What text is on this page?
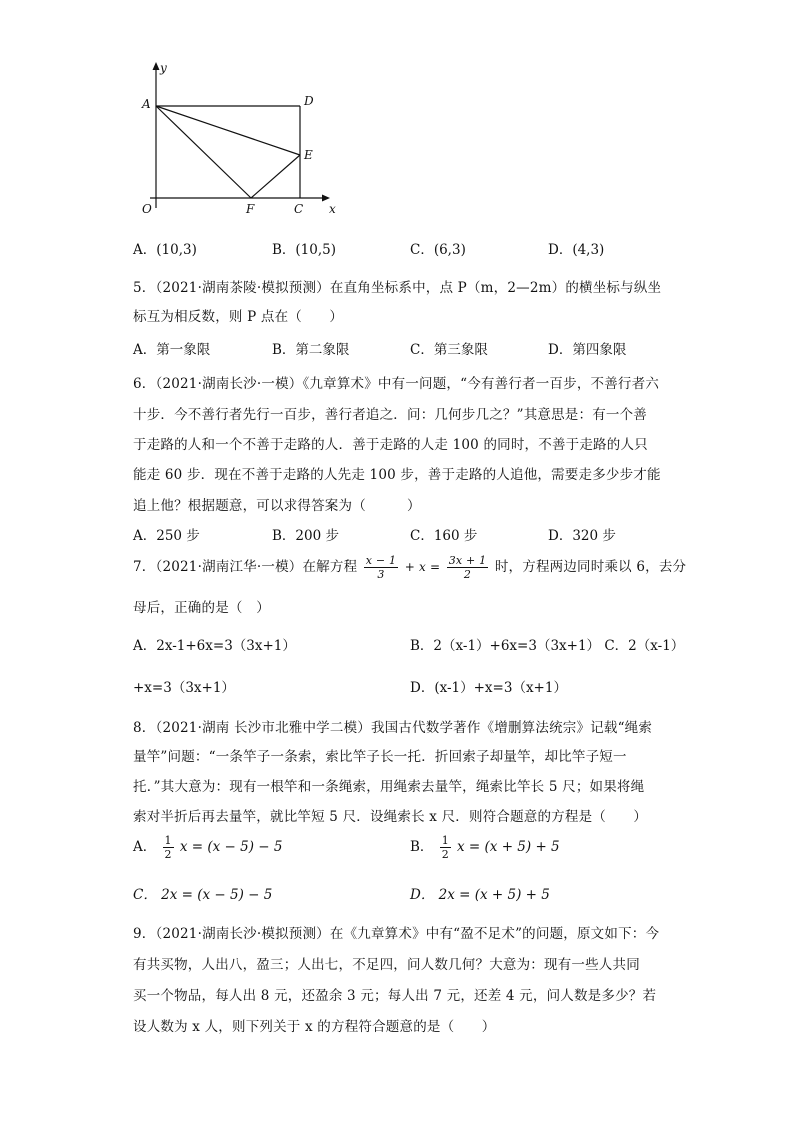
y
A	D
E
O	F	C x
A．(10,3)	B．(10,5)	C．(6,3)	D．(4,3)
5．（2021·湖南茶陵·模拟预测）在直角坐标系中，点 P（m，2—2m）的横坐标与纵坐
标互为相反数，则 P 点在（　　）
A．第一象限	B．第二象限	C．第三象限	D．第四象限
6．（2021·湖南长沙·一模）《九章算术》中有一问题，“今有善行者一百步，不善行者六
十步．今不善行者先行一百步，善行者追之．问：几何步几之？”其意思是：有一个善
于走路的人和一个不善于走路的人．善于走路的人走 100 的同时，不善于走路的人只
能走 60 步．现在不善于走路的人先走 100 步，善于走路的人追他，需要走多少步才能
追上他？根据题意，可以求得答案为（　　　）
A．250 步	B．200 步	C．160 步	D．320 步
7．（2021·湖南江华·一模）在解方程 $\frac{x - 1}{3} + x = \frac{3x + 1}{2}$ 时，方程两边同时乘以 6，去分
母后，正确的是（　）
A．2x-1+6x=3（3x+1）	B．2（x-1）+6x=3（3x+1） C．2（x-1）
+x=3（3x+1）	D．(x-1）+x=3（x+1）
8．（2021·湖南 长沙市北雅中学二模）我国古代数学著作《增删算法统宗》记载“绳索
量竿”问题：“一条竿子一条索，索比竿子长一托．折回索子却量竿，却比竿子短一
托．”其大意为：现有一根竿和一条绳索，用绳索去量竿，绳索比竿长 5 尺；如果将绳
索对半折后再去量竿，就比竿短 5 尺．设绳索长 x 尺．则符合题意的方程是（　　）
A． $\frac{1}{2}$ x = (x − 5) − 5	B． $\frac{1}{2}$ x = (x + 5) + 5
C． 2x = (x − 5) − 5	D． 2x = (x + 5) + 5
9．（2021·湖南长沙·模拟预测）在《九章算术》中有“盈不足术”的问题，原文如下：今
有共买物，人出八，盈三；人出七，不足四，问人数几何？大意为：现有一些人共同
买一个物品，每人出 8 元，还盈余 3 元；每人出 7 元，还差 4 元，问人数是多少？若
设人数为 x 人，则下列关于 x 的方程符合题意的是（　　）
